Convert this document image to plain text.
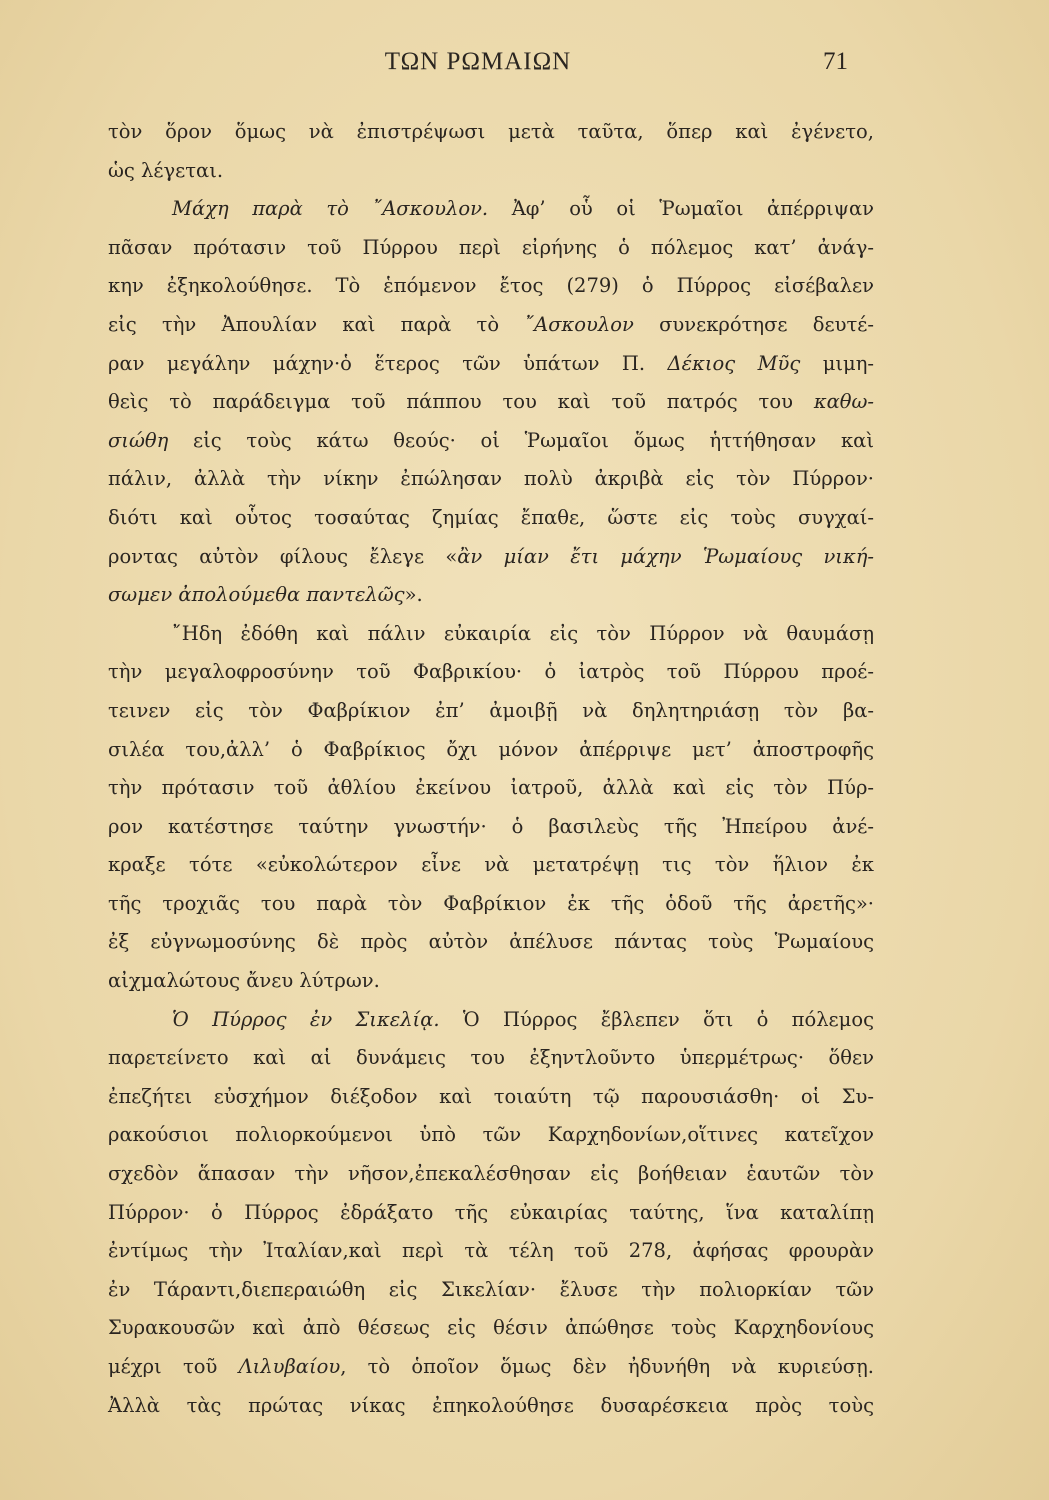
ΤΩΝ ΡΩΜΑΙΩΝ	71
τὸν ὅρον ὅμως νὰ ἐπιστρέψωσι μετὰ ταῦτα, ὅπερ καὶ ἐγένετο,
ὡς λέγεται.
Μάχη παρὰ τὸ ῎Ασκουλον. Ἀφ’ οὗ οἱ Ῥωμαῖοι ἀπέρριψαν
πᾶσαν πρότασιν τοῦ Πύρρου περὶ εἰρήνης ὁ πόλεμος κατ’ ἀνάγ-
κην ἐξηκολούθησε. Τὸ ἑπόμενον ἔτος (279) ὁ Πύρρος εἰσέβαλεν
εἰς τὴν Ἀπουλίαν καὶ παρὰ τὸ ῎Ασκουλον συνεκρότησε δευτέ-
ραν μεγάλην μάχην·ὁ ἕτερος τῶν ὑπάτων Π. Δέκιος Μῦς μιμη-
θεὶς τὸ παράδειγμα τοῦ πάππου του καὶ τοῦ πατρός του καθω-
σιώθη εἰς τοὺς κάτω θεούς· οἱ Ῥωμαῖοι ὅμως ἡττήθησαν καὶ
πάλιν, ἀλλὰ τὴν νίκην ἐπώλησαν πολὺ ἀκριβὰ εἰς τὸν Πύρρον·
διότι καὶ οὗτος τοσαύτας ζημίας ἔπαθε, ὥστε εἰς τοὺς συγχαί-
ροντας αὐτὸν φίλους ἔλεγε «ἂν μίαν ἔτι μάχην Ῥωμαίους νική-
σωμεν ἀπολούμεθα παντελῶς».
῎Ηδη ἐδόθη καὶ πάλιν εὐκαιρία εἰς τὸν Πύρρον νὰ θαυμάσῃ
τὴν μεγαλοφροσύνην τοῦ Φαβρικίου· ὁ ἰατρὸς τοῦ Πύρρου προέ-
τεινεν εἰς τὸν Φαβρίκιον ἐπ’ ἀμοιβῇ νὰ δηλητηριάσῃ τὸν βα-
σιλέα του,ἀλλ’ ὁ Φαβρίκιος ὄχι μόνον ἀπέρριψε μετ’ ἀποστροφῆς
τὴν πρότασιν τοῦ ἀθλίου ἐκείνου ἰατροῦ, ἀλλὰ καὶ εἰς τὸν Πύρ-
ρον κατέστησε ταύτην γνωστήν· ὁ βασιλεὺς τῆς Ἠπείρου ἀνέ-
κραξε τότε «εὐκολώτερον εἶνε νὰ μετατρέψῃ τις τὸν ἥλιον ἐκ
τῆς τροχιᾶς του παρὰ τὸν Φαβρίκιον ἐκ τῆς ὁδοῦ τῆς ἀρετῆς»·
ἐξ εὐγνωμοσύνης δὲ πρὸς αὐτὸν ἀπέλυσε πάντας τοὺς Ῥωμαίους
αἰχμαλώτους ἄνευ λύτρων.
Ὁ Πύρρος ἐν Σικελίᾳ. Ὁ Πύρρος ἔβλεπεν ὅτι ὁ πόλεμος
παρετείνετο καὶ αἱ δυνάμεις του ἐξηντλοῦντο ὑπερμέτρως· ὅθεν
ἐπεζήτει εὐσχήμον διέξοδον καὶ τοιαύτη τῷ παρουσιάσθη· οἱ Συ-
ρακούσιοι πολιορκούμενοι ὑπὸ τῶν Καρχηδονίων,οἵτινες κατεῖχον
σχεδὸν ἅπασαν τὴν νῆσον,ἐπεκαλέσθησαν εἰς βοήθειαν ἑαυτῶν τὸν
Πύρρον· ὁ Πύρρος ἐδράξατο τῆς εὐκαιρίας ταύτης, ἵνα καταλίπῃ
ἐντίμως τὴν Ἰταλίαν,καὶ περὶ τὰ τέλη τοῦ 278, ἀφήσας φρουρὰν
ἐν Τάραντι,διεπεραιώθη εἰς Σικελίαν· ἔλυσε τὴν πολιορκίαν τῶν
Συρακουσῶν καὶ ἀπὸ θέσεως εἰς θέσιν ἀπώθησε τοὺς Καρχηδονίους
μέχρι τοῦ Λιλυβαίου, τὸ ὁποῖον ὅμως δὲν ἠδυνήθη νὰ κυριεύσῃ.
Ἀλλὰ τὰς πρώτας νίκας ἐπηκολούθησε δυσαρέσκεια πρὸς τοὺς
